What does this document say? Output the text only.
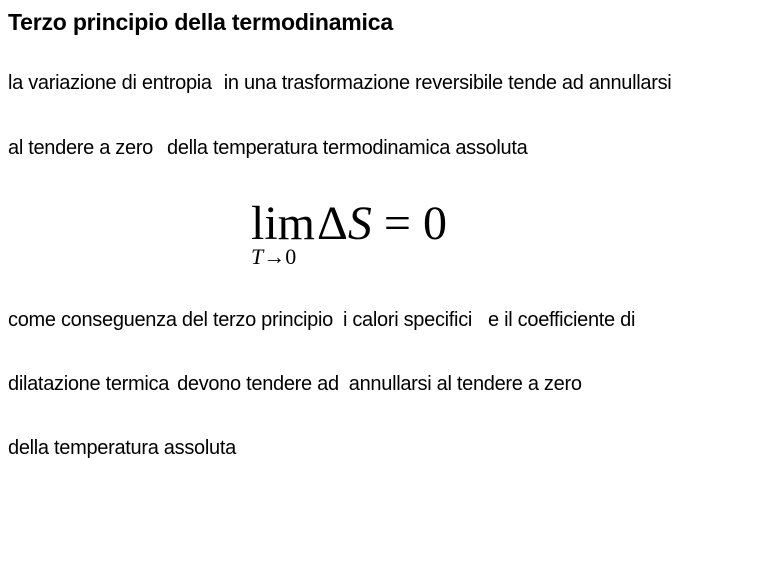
Terzo principio della termodinamica
la variazione di entropia in una trasformazione reversibile tende ad annullarsi
al tendere a zero della temperatura termodinamica assoluta
lim
T→0
ΔS = 0
come conseguenza del terzo principio i calori specifici e il coefficiente di
dilatazione termica devono tendere ad annullarsi al tendere a zero
della temperatura assoluta
